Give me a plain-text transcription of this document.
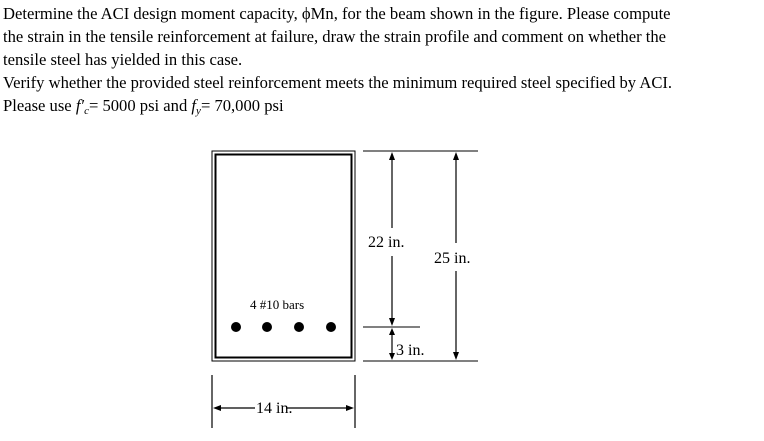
Determine the ACI design moment capacity, ϕMn, for the beam shown in the figure. Please compute

the strain in the tensile reinforcement at failure, draw the strain profile and comment on whether the

tensile steel has yielded in this case.

Verify whether the provided steel reinforcement meets the minimum required steel specified by ACI.

Please use $f'_c= 5000$ psi and $f_y= 70,000$ psi

4 #10 bars
22 in.
25 in.
3 in.
14 in.
